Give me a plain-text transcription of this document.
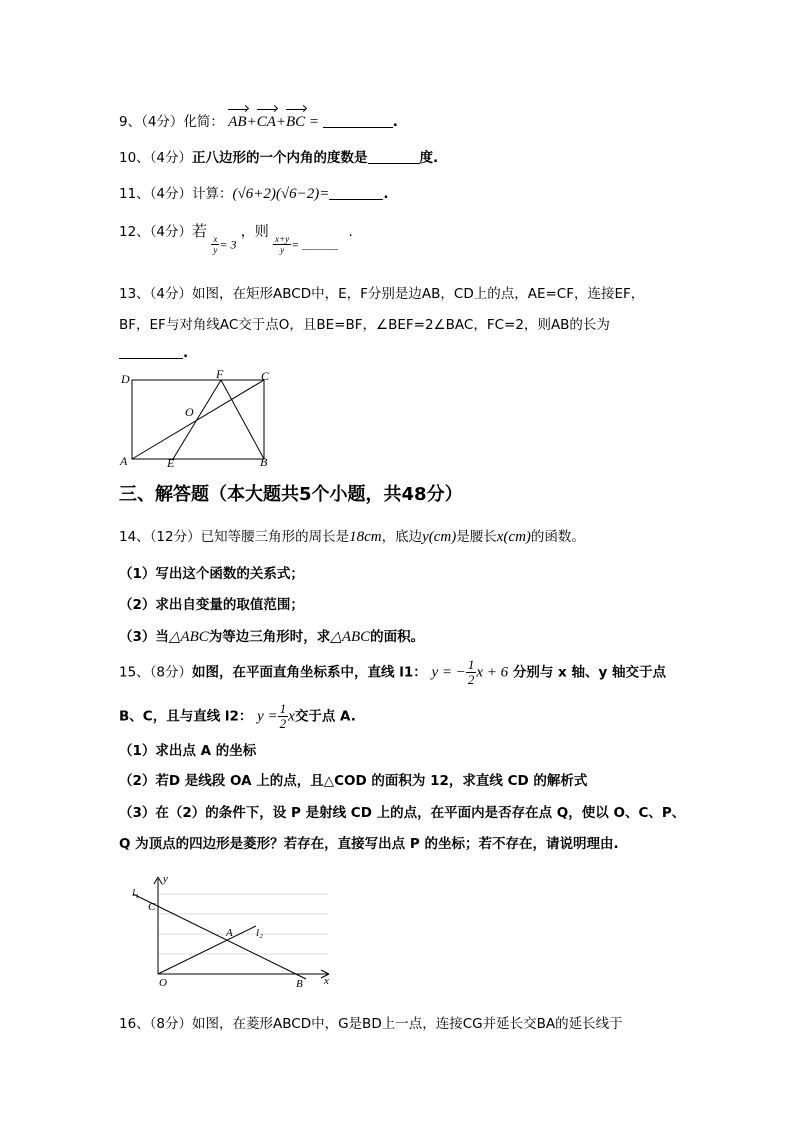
9、（4分）化简： AB+CA+BC =	.
10、（4分）正八边形的一个内角的度数是	度.
11、（4分）计算：(√6+2)(√6−2)=	.
12、（4分）若
$\frac{x}{y} = 3$ ，则
$\frac{x+y}{y}$ = ＿＿＿ .
13、（4分）如图，在矩形ABCD中，E，F分别是边AB，CD上的点，AE=CF，连接EF，
BF，EF与对角线AC交于点O，且BE=BF，∠BEF=2∠BAC，FC=2，则AB的长为
.
D	C
F
O
A	B
E
三、解答题（本大题共5个小题，共48分）
14、（12分）已知等腰三角形的周长是18cm，底边y(cm)是腰长x(cm)的函数。
（1）写出这个函数的关系式；
（2）求出自变量的取值范围；
（3）当△ABC为等边三角形时，求△ABC的面积。
15、（8分）如图，在平面直角坐标系中，直线 l1： y = − $\frac{1}{2}$ x + 6 分别与 x 轴、y 轴交于点
B、C，且与直线 l2： $y = \frac{1}{2}$ x交于点 A.
（1）求出点 A 的坐标
（2）若D 是线段 OA 上的点，且△COD 的面积为 12，求直线 CD 的解析式
（3）在（2）的条件下，设 P 是射线 CD 上的点，在平面内是否存在点 Q，使以 O、C、P、
Q 为顶点的四边形是菱形？若存在，直接写出点 P 的坐标；若不存在，请说明理由.
l₁
l₂
y
x
C
A
O	B
16、（8分）如图，在菱形ABCD中，G是BD上一点，连接CG并延长交BA的延长线于
